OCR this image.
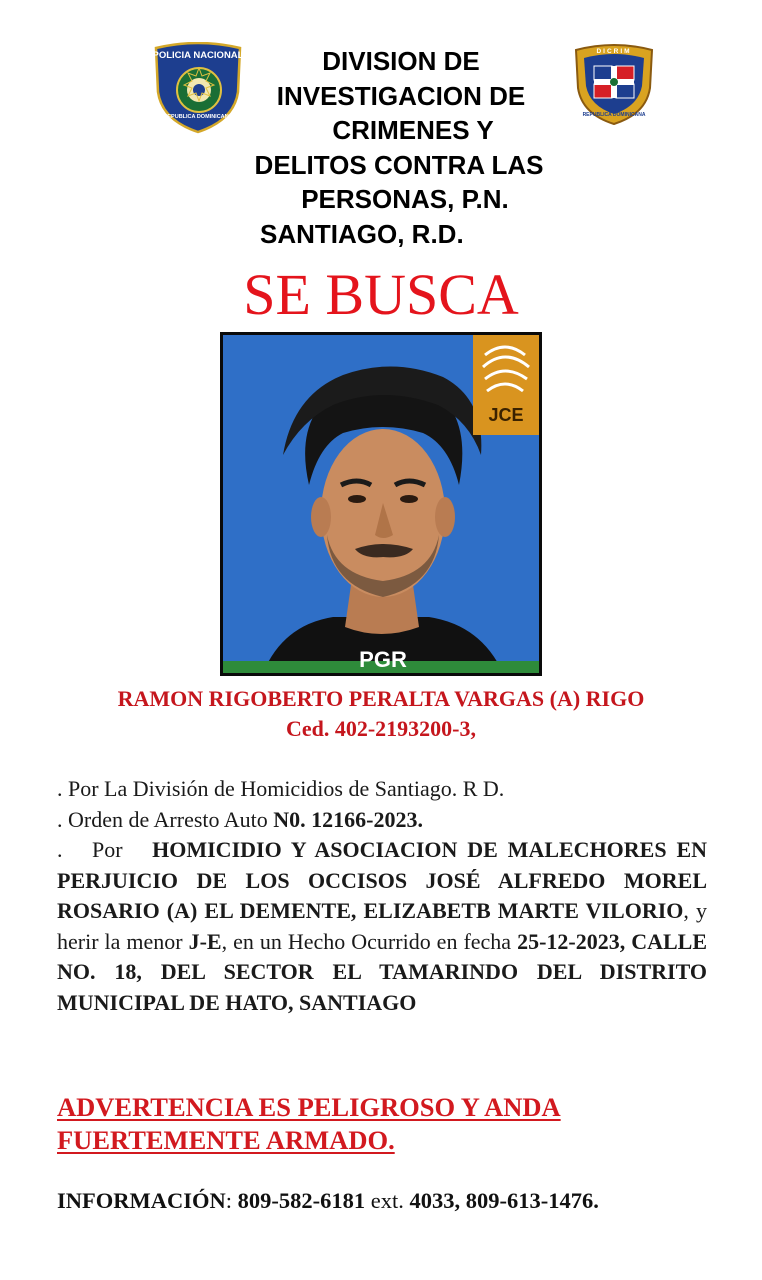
POLICIA NACIONAL
REPUBLICA DOMINICANA
DICRIM
REPUBLICA DOMINICANA
DIVISION DE
INVESTIGACION DE
CRIMENES Y
DELITOS CONTRA LAS
PERSONAS, P.N.
SANTIAGO, R.D.
SE BUSCA
JCE
PGR
RAMON RIGOBERTO PERALTA VARGAS (A) RIGO
Ced. 402-2193200-3,

. Por La División de Homicidios de Santiago. R D.

. Orden de Arresto Auto N0. 12166-2023.

.   Por   HOMICIDIO Y ASOCIACION DE MALECHORES EN PERJUICIO DE LOS OCCISOS JOSÉ ALFREDO MOREL ROSARIO (A) EL DEMENTE, ELIZABETB MARTE VILORIO, y herir la menor J-E, en un Hecho Ocurrido en fecha 25-12-2023, CALLE NO. 18, DEL SECTOR EL TAMARINDO DEL DISTRITO MUNICIPAL DE HATO, SANTIAGO

ADVERTENCIA ES PELIGROSO Y ANDA FUERTEMENTE ARMADO.
INFORMACIÓN: 809-582-6181 ext. 4033, 809-613-1476.
